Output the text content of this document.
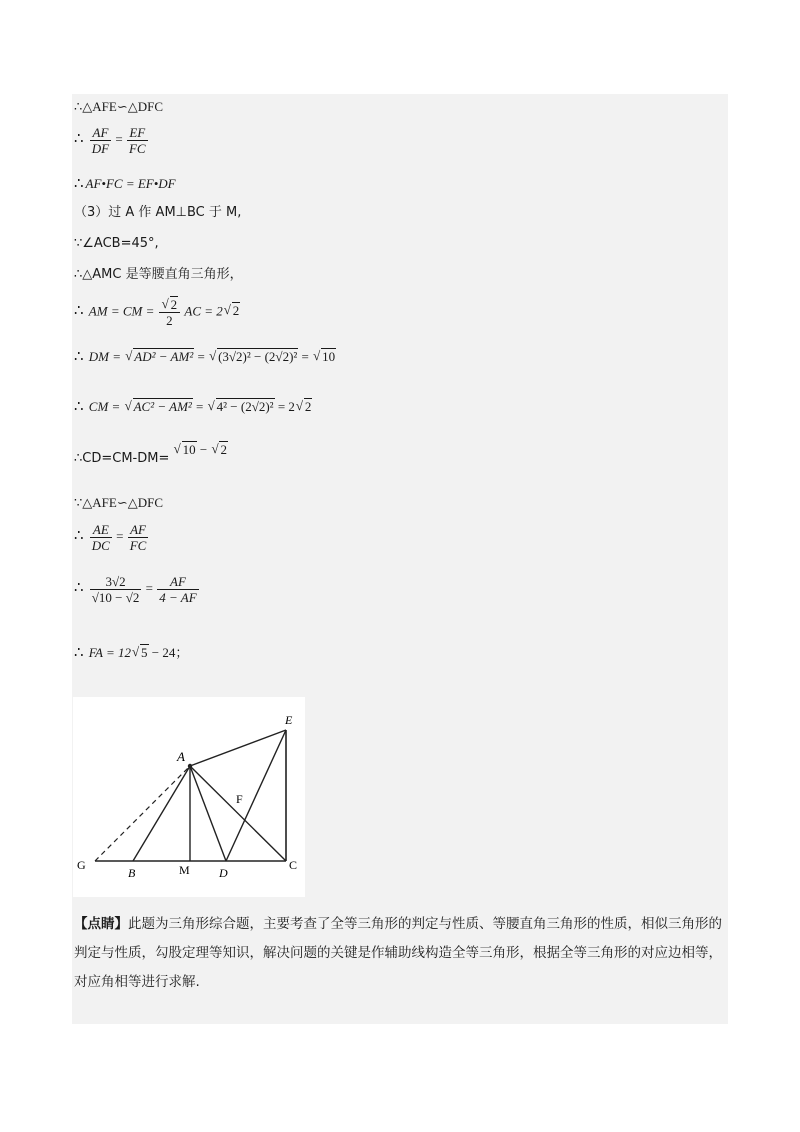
∴△AFE∽△DFC
∴ $\frac{AF}{DF} = \frac{EF}{FC}$
∴ AF•FC = EF•DF
（3）过 A 作 AM⊥BC 于 M,
∵∠ACB=45°,
∴△AMC 是等腰直角三角形，
∴ AM = CM = √ $\frac{2}{2}$ AC = 2 √ 2
∴ DM = √ AD² − AM² = √ (3√2)² − (2√2)² = √ 10
∴ CM = √ AC² − AM² = √ 4² − (2√2)² = 2 √ 2
∴CD=CM-DM= √ 10 − √ 2
∵△AFE∽△DFC
∴ $\frac{AE}{DC} = \frac{AF}{FC}$
∴ $\frac{3√2}{√10 - √2} = \frac{AF}{4 - AF}$
∴ FA = 12 √ 5 − 24；
A
B
C
D
E
F
G	M
【点睛】此题为三角形综合题，主要考查了全等三角形的判定与性质、等腰直角三角形的性质，相似三角形的判定与性质，勾股定理等知识，解决问题的关键是作辅助线构造全等三角形，根据全等三角形的对应边相等，对应角相等进行求解.
